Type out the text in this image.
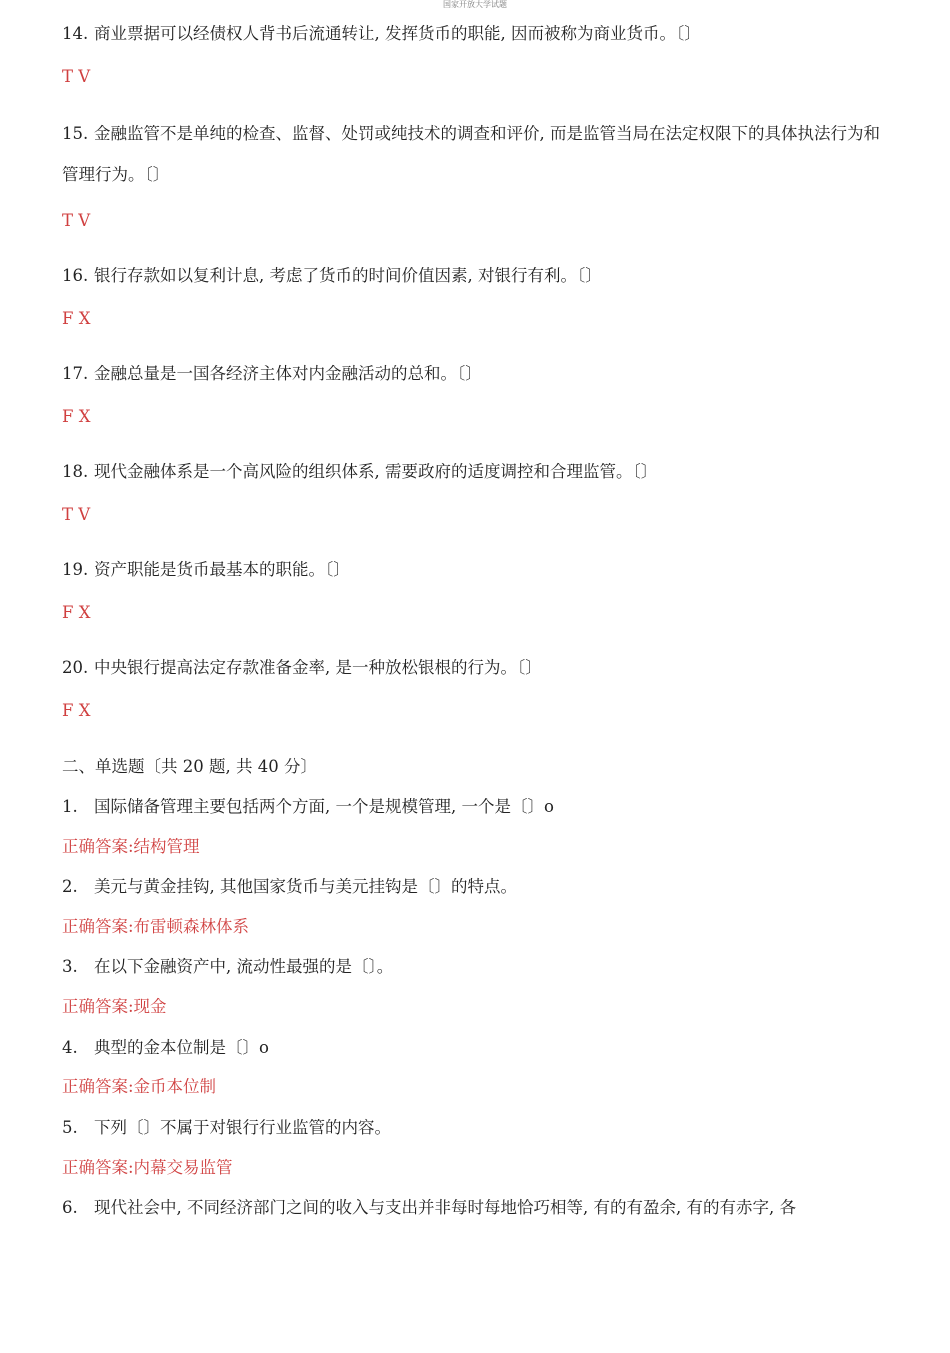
国家开放大学试题
14. 商业票据可以经债权人背书后流通转让, 发挥货币的职能, 因而被称为商业货币。〔〕
T V
15. 金融监管不是单纯的检查、监督、处罚或纯技术的调查和评价, 而是监管当局在法定权限下的具体执法行为和管理行为。〔〕
T V
16. 银行存款如以复利计息, 考虑了货币的时间价值因素, 对银行有利。〔〕
F X
17. 金融总量是一国各经济主体对内金融活动的总和。〔〕
F X
18. 现代金融体系是一个高风险的组织体系, 需要政府的适度调控和合理监管。〔〕
T V
19. 资产职能是货币最基本的职能。〔〕
F X
20. 中央银行提高法定存款准备金率, 是一种放松银根的行为。〔〕
F X
二、单选题〔共 20 题, 共 40 分〕
1. 国际储备管理主要包括两个方面, 一个是规模管理, 一个是〔〕o
正确答案:结构管理
2. 美元与黄金挂钩, 其他国家货币与美元挂钩是〔〕的特点。
正确答案:布雷顿森林体系
3. 在以下金融资产中, 流动性最强的是〔〕。
正确答案:现金
4. 典型的金本位制是〔〕o
正确答案:金币本位制
5. 下列〔〕不属于对银行行业监管的内容。
正确答案:内幕交易监管
6. 现代社会中, 不同经济部门之间的收入与支出并非每时每地恰巧相等, 有的有盈余, 有的有赤字, 各
